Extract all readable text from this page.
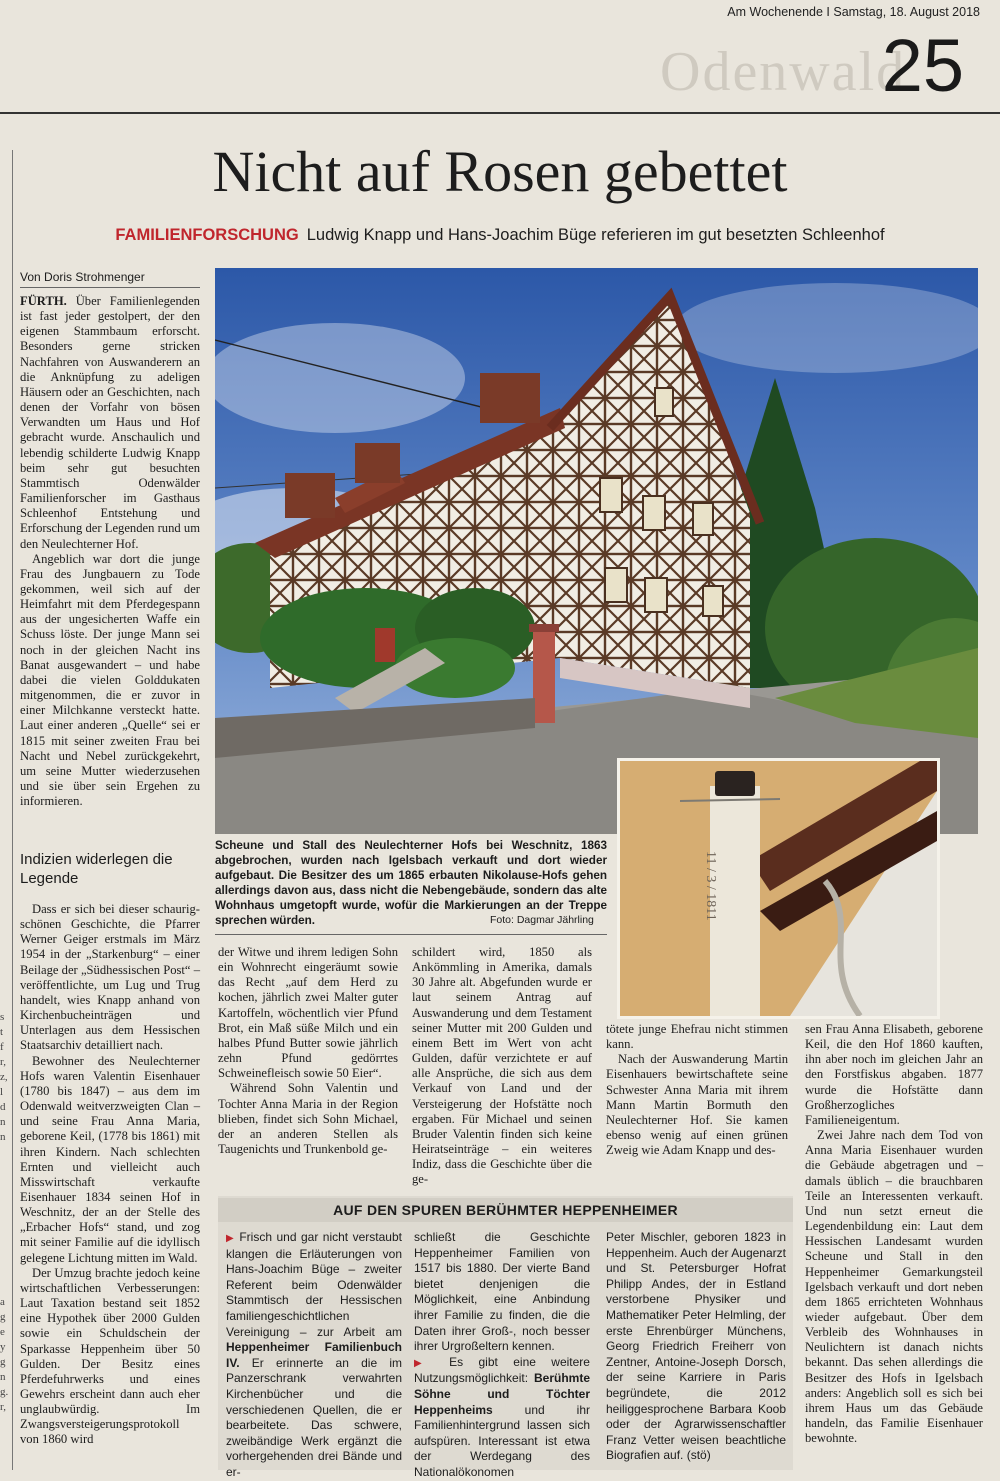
Am Wochenende I Samstag, 18. August 2018
Odenwald
25
Nicht auf Rosen gebettet
FAMILIENFORSCHUNG Ludwig Knapp und Hans-Joachim Büge referieren im gut besetzten Schleenhof
Von Doris Strohmenger

FÜRTH. Über Familienlegenden ist fast jeder gestolpert, der den eigenen Stammbaum erforscht. Besonders gerne stricken Nachfahren von Auswanderern an die Anknüpfung zu adeligen Häusern oder an Geschichten, nach denen der Vorfahr von bösen Verwandten um Haus und Hof gebracht wurde. Anschaulich und lebendig schilderte Ludwig Knapp beim sehr gut besuchten Stammtisch Odenwälder Familienforscher im Gasthaus Schleenhof Entstehung und Erforschung der Legenden rund um den Neulechterner Hof.

Angeblich war dort die junge Frau des Jungbauern zu Tode gekommen, weil sich auf der Heimfahrt mit dem Pferdegespann aus der ungesicherten Waffe ein Schuss löste. Der junge Mann sei noch in der gleichen Nacht ins Banat ausgewandert – und habe dabei die vielen Golddukaten mitgenommen, die er zuvor in einer Milchkanne versteckt hatte. Laut einer anderen „Quelle“ sei er 1815 mit seiner zweiten Frau bei Nacht und Nebel zurückgekehrt, um seine Mutter wiederzusehen und sie über sein Ergehen zu informieren.

Indizien widerlegen die Legende

Dass er sich bei dieser schaurig-schönen Geschichte, die Pfarrer Werner Geiger erstmals im März 1954 in der „Starkenburg“ – einer Beilage der „Südhessischen Post“ – veröffentlichte, um Lug und Trug handelt, wies Knapp anhand von Kirchenbucheinträgen und Unterlagen aus dem Hessischen Staatsarchiv detailliert nach.

Bewohner des Neulechterner Hofs waren Valentin Eisenhauer (1780 bis 1847) – aus dem im Odenwald weitverzweigten Clan – und seine Frau Anna Maria, geborene Keil, (1778 bis 1861) mit ihren Kindern. Nach schlechten Ernten und vielleicht auch Misswirtschaft verkaufte Eisenhauer 1834 seinen Hof in Weschnitz, der an der Stelle des „Erbacher Hofs“ stand, und zog mit seiner Familie auf die idyllisch gelegene Lichtung mitten im Wald.

Der Umzug brachte jedoch keine wirtschaftlichen Verbesserungen: Laut Taxation bestand seit 1852 eine Hypothek über 2000 Gulden sowie ein Schuldschein der Sparkasse Heppenheim über 50 Gulden. Der Besitz eines Pferdefuhrwerks und eines Gewehrs erscheint dann auch eher unglaubwürdig. Im Zwangsversteigerungsprotokoll von 1860 wird

s
t
f
r,
z,
l
d
n
n
a
g
e
y
g
n
g.
r,
11 / 3 / 1811
Scheune und Stall des Neulechterner Hofs bei Weschnitz, 1863 abgebrochen, wurden nach Igelsbach verkauft und dort wieder aufgebaut. Die Besitzer des um 1865 erbauten Nikolause-Hofs gehen allerdings davon aus, dass nicht die Nebengebäude, sondern das alte Wohnhaus umgetopft wurde, wofür die Markierungen an der Treppe sprechen würden.	Foto: Dagmar Jährling

der Witwe und ihrem ledigen Sohn ein Wohnrecht eingeräumt sowie das Recht „auf dem Herd zu kochen, jährlich zwei Malter guter Kartoffeln, wöchentlich vier Pfund Brot, ein Maß süße Milch und ein halbes Pfund Butter sowie jährlich zehn Pfund gedörrtes Schweinefleisch sowie 50 Eier“.

Während Sohn Valentin und Tochter Anna Maria in der Region blieben, findet sich Sohn Michael, der an anderen Stellen als Taugenichts und Trunkenbold ge-

schildert wird, 1850 als Ankömmling in Amerika, damals 30 Jahre alt. Abgefunden wurde er laut seinem Antrag auf Auswanderung und dem Testament seiner Mutter mit 200 Gulden und einem Bett im Wert von acht Gulden, dafür verzichtete er auf alle Ansprüche, die sich aus dem Verkauf von Land und der Versteigerung der Hofstätte noch ergaben. Für Michael und seinen Bruder Valentin finden sich keine Heiratseinträge – ein weiteres Indiz, dass die Geschichte über die ge-

tötete junge Ehefrau nicht stimmen kann.

Nach der Auswanderung Martin Eisenhauers bewirtschaftete seine Schwester Anna Maria mit ihrem Mann Martin Bormuth den Neulechterner Hof. Sie kamen ebenso wenig auf einen grünen Zweig wie Adam Knapp und des-

sen Frau Anna Elisabeth, geborene Keil, die den Hof 1860 kauften, ihn aber noch im gleichen Jahr an den Forstfiskus abgaben. 1877 wurde die Hofstätte dann Großherzogliches Familieneigentum.

Zwei Jahre nach dem Tod von Anna Maria Eisenhauer wurden die Gebäude abgetragen und – damals üblich – die brauchbaren Teile an Interessenten verkauft. Und nun setzt erneut die Legendenbildung ein: Laut dem Hessischen Landesamt wurden Scheune und Stall in den Heppenheimer Gemarkungsteil Igelsbach verkauft und dort neben dem 1865 errichteten Wohnhaus wieder aufgebaut. Über dem Verbleib des Wohnhauses in Neulichtern ist danach nichts bekannt. Das sehen allerdings die Besitzer des Hofs in Igelsbach anders: Angeblich soll es sich bei ihrem Haus um das Gebäude handeln, das Familie Eisenhauer bewohnte.

AUF DEN SPUREN BERÜHMTER HEPPENHEIMER

▶ Frisch und gar nicht verstaubt klangen die Erläuterungen von Hans-Joachim Büge – zweiter Referent beim Odenwälder Stammtisch der Hessischen familiengeschichtlichen Vereinigung – zur Arbeit am Heppenheimer Familienbuch IV. Er erinnerte an die im Panzerschrank verwahrten Kirchenbücher und die verschiedenen Quellen, die er bearbeitete. Das schwere, zweibändige Werk ergänzt die vorhergehenden drei Bände und er-

schließt die Geschichte Heppenheimer Familien von 1517 bis 1880. Der vierte Band bietet denjenigen die Möglichkeit, eine Anbindung ihrer Familie zu finden, die die Daten ihrer Groß-, noch besser ihrer Urgroßeltern kennen.

▶ Es gibt eine weitere Nutzungsmöglichkeit: Berühmte Söhne und Töchter Heppenheims und ihr Familienhintergrund lassen sich aufspüren. Interessant ist etwa der Werdegang des Nationalökonomen

Peter Mischler, geboren 1823 in Heppenheim. Auch der Augenarzt und St. Petersburger Hofrat Philipp Andes, der in Estland verstorbene Physiker und Mathematiker Peter Helmling, der erste Ehrenbürger Münchens, Georg Friedrich Freiherr von Zentner, Antoine-Joseph Dorsch, der seine Karriere in Paris begründete, die 2012 heiliggesprochene Barbara Koob oder der Agrarwissenschaftler Franz Vetter weisen beachtliche Biografien auf. (stö)
